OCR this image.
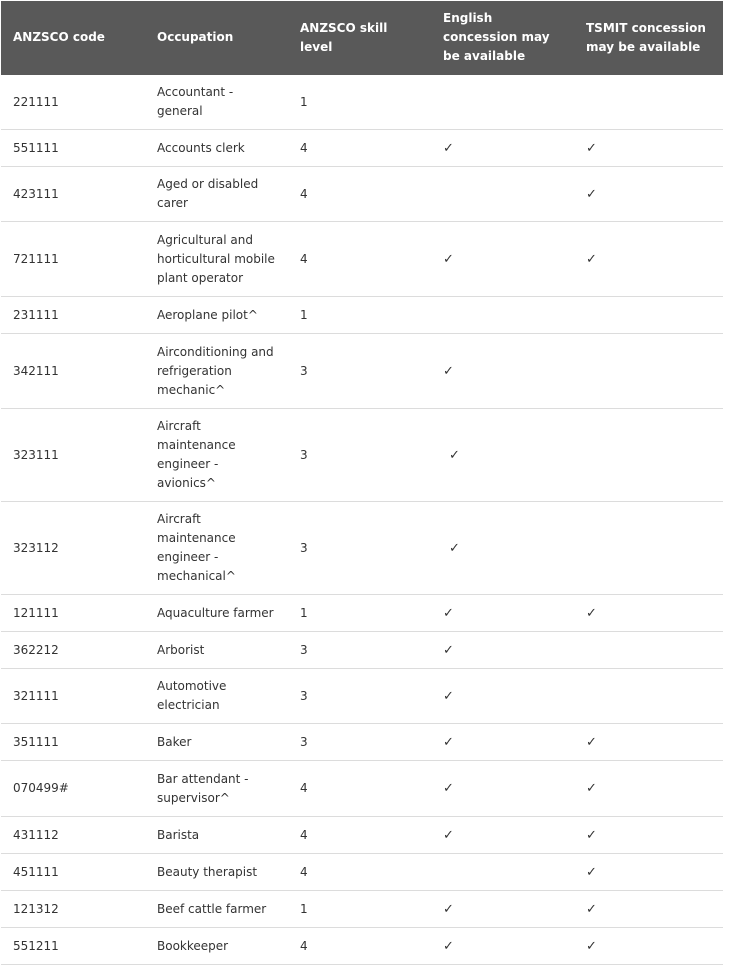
ANZSCO code	Occupation	ANZSCO skill level	English concession may be available	TSMIT concession may be available
221111	Accountant - general	1		
551111	Accounts clerk	4	✓	✓
423111	Aged or disabled carer	4		✓
721111	Agricultural and horticultural mobile plant operator	4	✓	✓
231111	Aeroplane pilot^	1		
342111	Airconditioning and refrigeration mechanic^	3	✓	
323111	Aircraft maintenance engineer - avionics^	3	✓	
323112	Aircraft maintenance engineer - mechanical^	3	✓	
121111	Aquaculture farmer	1	✓	✓
362212	Arborist	3	✓	
321111	Automotive electrician	3	✓	
351111	Baker	3	✓	✓
070499#	Bar attendant - supervisor^	4	✓	✓
431112	Barista	4	✓	✓
451111	Beauty therapist	4		✓
121312	Beef cattle farmer	1	✓	✓
551211	Bookkeeper	4	✓	✓
